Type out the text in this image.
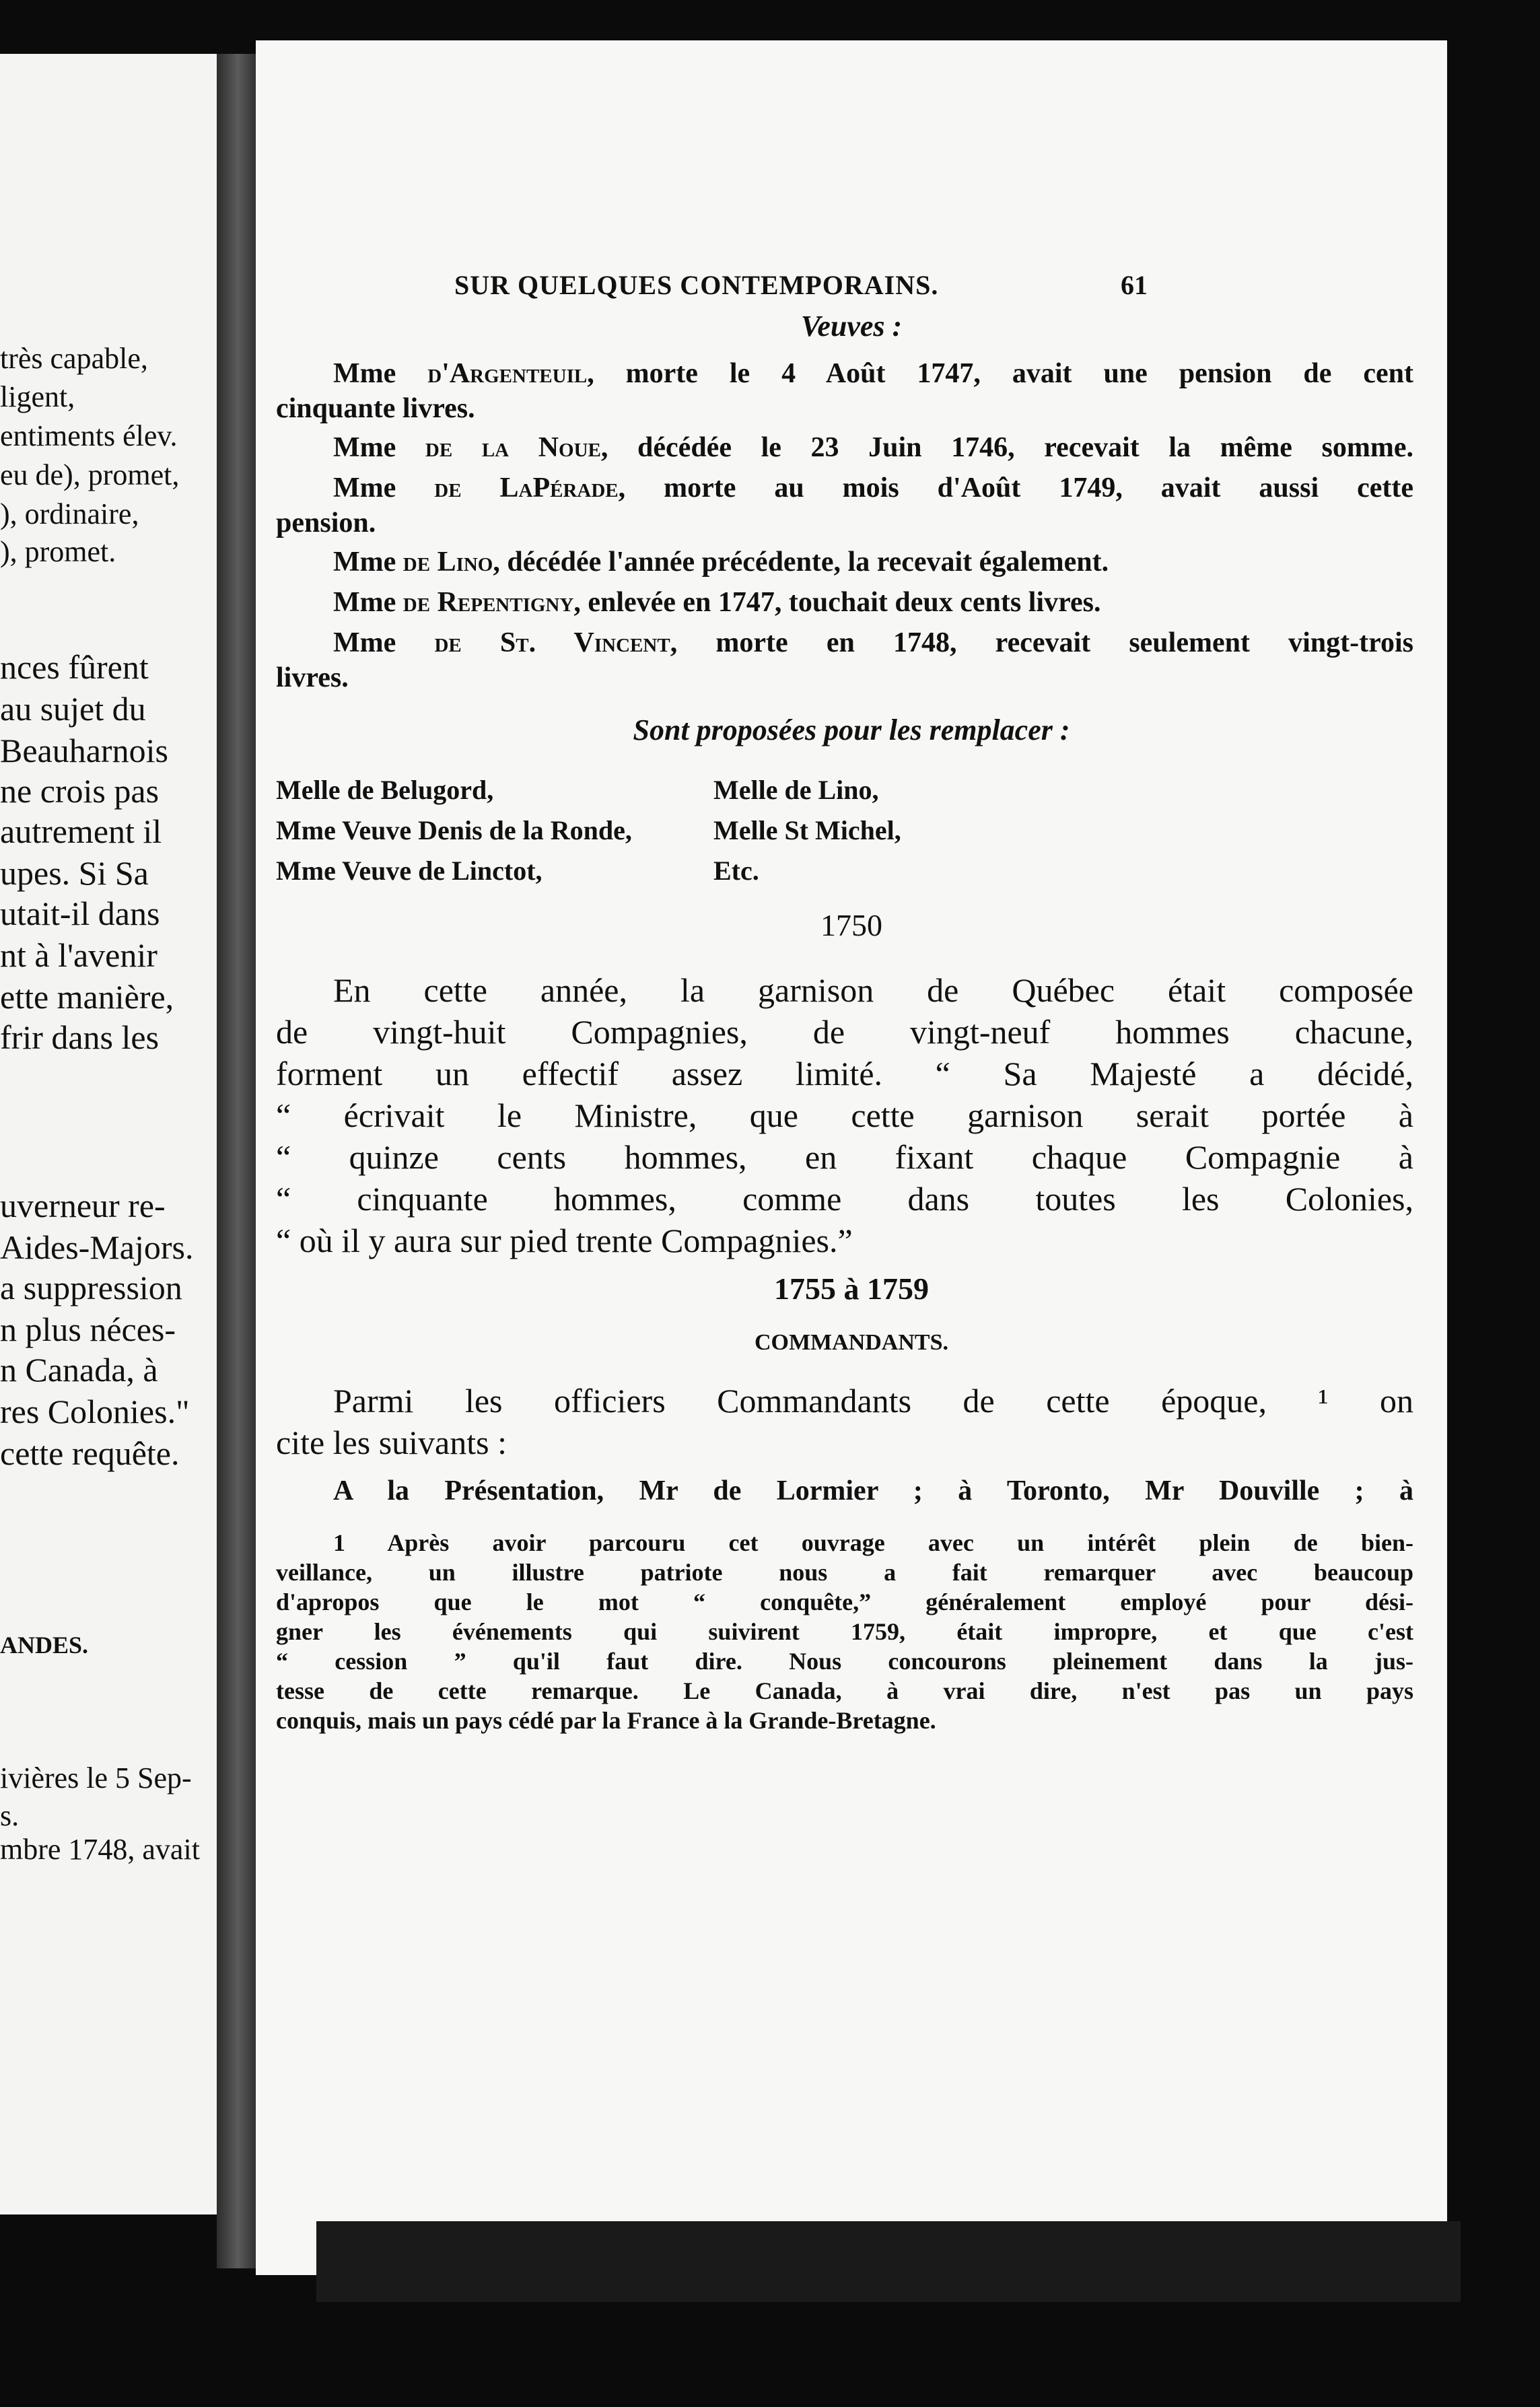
très capable,
ligent,
entiments élev.
eu de), promet,
), ordinaire,
), promet.
nces fûrent
au sujet du
Beauharnois
ne crois pas
autrement il
upes. Si Sa
utait-il dans
nt à l'avenir
ette manière,
frir dans les
uverneur re-
Aides-Majors.
a suppression
n plus néces-
n Canada, à
res Colonies."
cette requête.
ANDES.
ivières le 5 Sep-
s.
mbre 1748, avait
SUR QUELQUES CONTEMPORAINS.	61
Veuves :
Mme d'Argenteuil, morte le 4 Août 1747, avait une pension de cent
cinquante livres.
Mme de la Noue, décédée le 23 Juin 1746, recevait la même somme.
Mme de LaPérade, morte au mois d'Août 1749, avait aussi cette
pension.
Mme de Lino, décédée l'année précédente, la recevait également.
Mme de Repentigny, enlevée en 1747, touchait deux cents livres.
Mme de St. Vincent, morte en 1748, recevait seulement vingt-trois
livres.
Sont proposées pour les remplacer :
Melle de Belugord,	Melle de Lino,
Mme Veuve Denis de la Ronde,	Melle St Michel,
Mme Veuve de Linctot,	Etc.
1750
En cette année, la garnison de Québec était composée
de vingt-huit Compagnies, de vingt-neuf hommes chacune,
forment un effectif assez limité. “ Sa Majesté a décidé,
“ écrivait le Ministre, que cette garnison serait portée à
“ quinze cents hommes, en fixant chaque Compagnie à
“ cinquante hommes, comme dans toutes les Colonies,
“ où il y aura sur pied trente Compagnies.”
1755 à 1759
COMMANDANTS.
Parmi les officiers Commandants de cette époque, ¹ on
cite les suivants :
A la Présentation, Mr de Lormier ; à Toronto, Mr Douville ; à
1 Après avoir parcouru cet ouvrage avec un intérêt plein de bien-
veillance, un illustre patriote nous a fait remarquer avec beaucoup
d'apropos que le mot “ conquête,” généralement employé pour dési-
gner les événements qui suivirent 1759, était impropre, et que c'est
“ cession ” qu'il faut dire. Nous concourons pleinement dans la jus-
tesse de cette remarque. Le Canada, à vrai dire, n'est pas un pays
conquis, mais un pays cédé par la France à la Grande-Bretagne.
